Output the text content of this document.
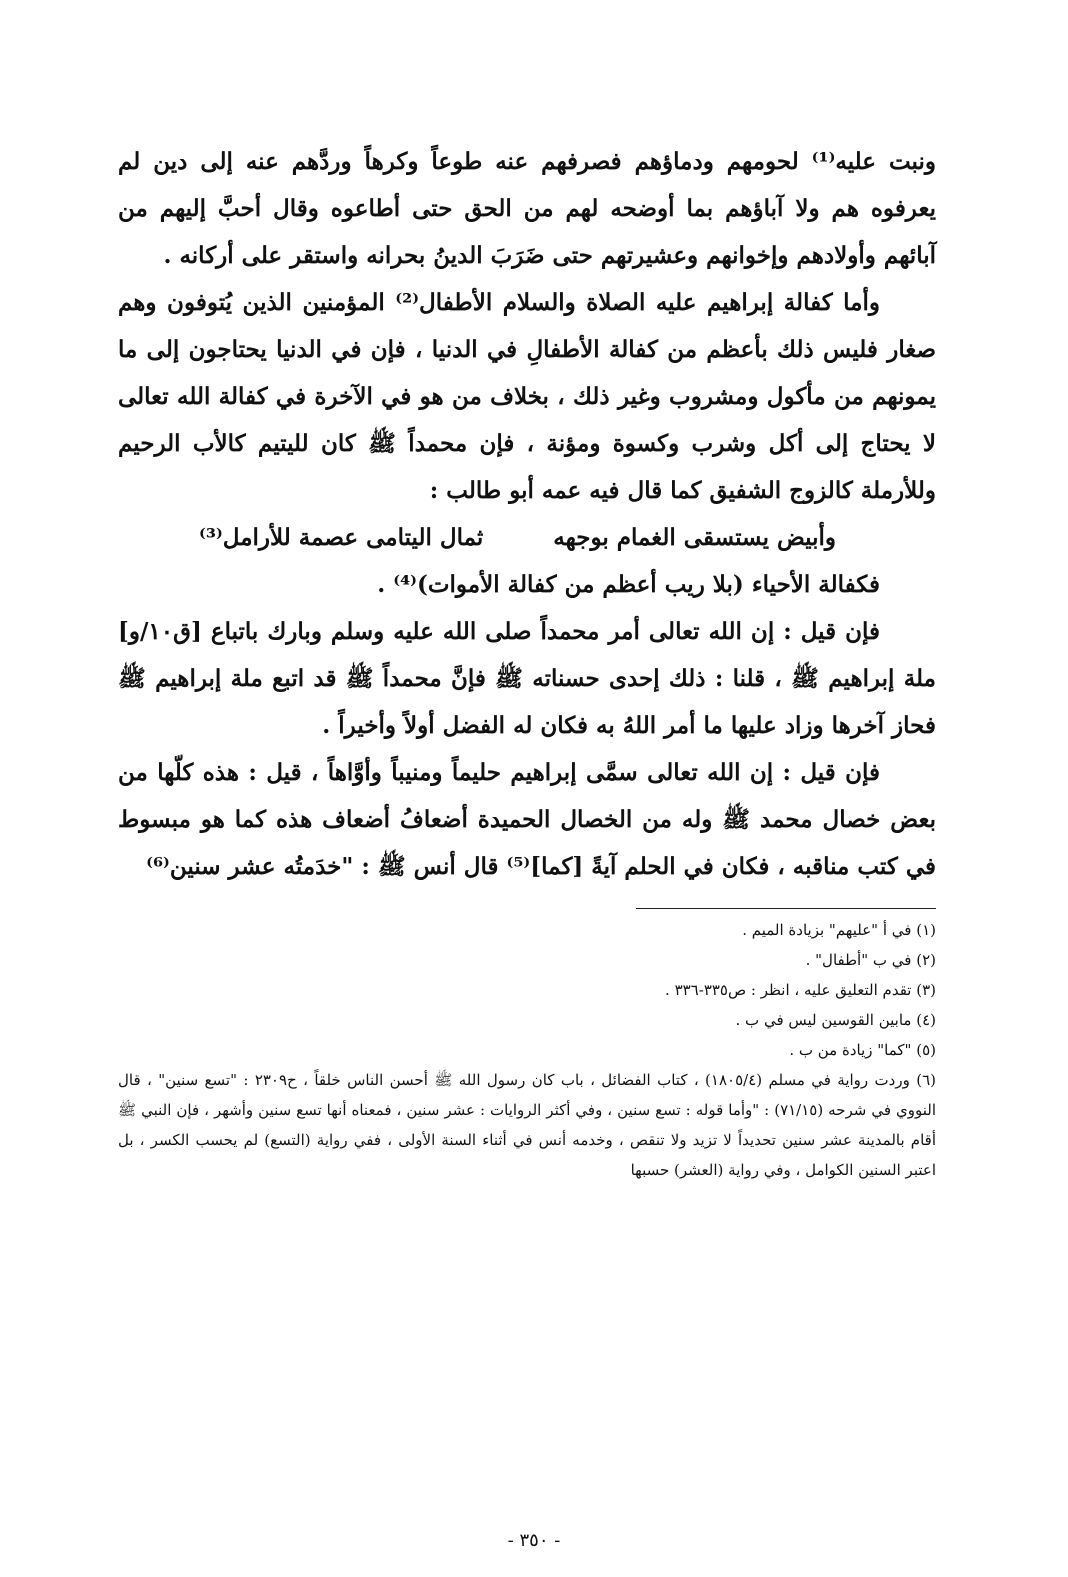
ونبت عليه⁽¹⁾ لحومهم ودماؤهم فصرفهم عنه طوعاً وكرهاً وردَّهم عنه إلى دين لم يعرفوه هم ولا آباؤهم بما أوضحه لهم من الحق حتى أطاعوه وقال أحبَّ إليهم من آبائهم وأولادهم وإخوانهم وعشيرتهم حتى ضَرَبَ الدينُ بحرانه واستقر على أركانه .

وأما كفالة إبراهيم عليه الصلاة والسلام الأطفال⁽²⁾ المؤمنين الذين يُتوفون وهم صغار فليس ذلك بأعظم من كفالة الأطفالِ في الدنيا ، فإن في الدنيا يحتاجون إلى ما يمونهم من مأكول ومشروب وغير ذلك ، بخلاف من هو في الآخرة في كفالة الله تعالى لا يحتاج إلى أكل وشرب وكسوة ومؤنة ، فإن محمداً ﷺ كان لليتيم كالأب الرحيم وللأرملة كالزوج الشفيق كما قال فيه عمه أبو طالب :

وأبيض يستسقى الغمام بوجهه
ثمال اليتامى عصمة للأرامل⁽³⁾

فكفالة الأحياء (بلا ريب أعظم من كفالة الأموات)⁽⁴⁾ .

فإن قيل : إن الله تعالى أمر محمداً صلى الله عليه وسلم وبارك باتباع [ق١٠/و] ملة إبراهيم ﷺ ، قلنا : ذلك إحدى حسناته ﷺ فإنَّ محمداً ﷺ قد اتبع ملة إبراهيم ﷺ فحاز آخرها وزاد عليها ما أمر اللهُ به فكان له الفضل أولاً وأخيراً .

فإن قيل : إن الله تعالى سمَّى إبراهيم حليماً ومنيباً وأوَّاهاً ، قيل : هذه كلّها من بعض خصال محمد ﷺ وله من الخصال الحميدة أضعافُ أضعاف هذه كما هو مبسوط في كتب مناقبه ، فكان في الحلم آيةً [كما]⁽⁵⁾ قال أنس ﷺ : "خدَمتُه عشر سنين⁽⁶⁾

(١) في أ "عليهم" بزيادة الميم .

(٢) في ب "أطفال" .

(٣) تقدم التعليق عليه ، انظر : ص٣٣٥-٣٣٦ .

(٤) مابين القوسين ليس في ب .

(٥) "كما" زيادة من ب .

(٦) وردت رواية في مسلم (١٨٠٥/٤) ، كتاب الفضائل ، باب كان رسول الله ﷺ أحسن الناس خلقاً ، ح٢٣٠٩ : "تسع سنين" ، قال النووي في شرحه (٧١/١٥) : "وأما قوله : تسع سنين ، وفي أكثر الروايات : عشر سنين ، فمعناه أنها تسع سنين وأشهر ، فإن النبي ﷺ أقام بالمدينة عشر سنين تحديداً لا تزيد ولا تنقص ، وخدمه أنس في أثناء السنة الأولى ، ففي رواية (التسع) لم يحسب الكسر ، بل اعتبر السنين الكوامل ، وفي رواية (العشر) حسبها

- ٣٥٠ -
